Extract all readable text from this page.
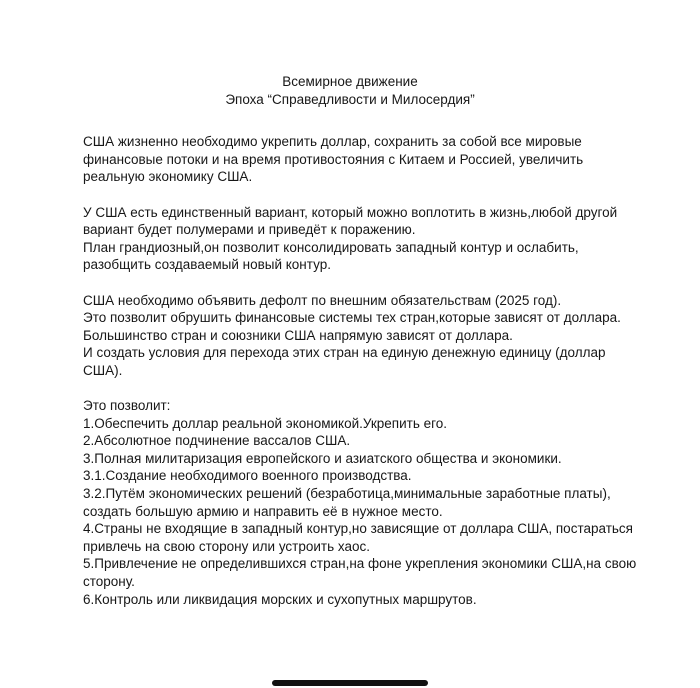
Всемирное движение
Эпоха “Справедливости и Милосердия”
США жизненно необходимо укрепить доллар, сохранить за собой все мировые
финансовые потоки и на время противостояния с Китаем и Россией, увеличить
реальную экономику США.
У США есть единственный вариант, который можно воплотить в жизнь,любой другой
вариант будет полумерами и приведёт к поражению.
План грандиозный,он позволит консолидировать западный контур и ослабить,
разобщить создаваемый новый контур.
США необходимо объявить дефолт по внешним обязательствам (2025 год).
Это позволит обрушить финансовые системы тех стран,которые зависят от доллара.
Большинство стран и союзники США напрямую зависят от доллара.
И создать условия для перехода этих стран на единую денежную единицу (доллар
США).
Это позволит:
1.Обеспечить доллар реальной экономикой.Укрепить его.
2.Абсолютное подчинение вассалов США.
3.Полная милитаризация европейского и азиатского общества и экономики.
3.1.Создание необходимого военного производства.
3.2.Путём экономических решений (безработица,минимальные заработные платы),
создать большую армию и направить её в нужное место.
4.Страны не входящие в западный контур,но зависящие от доллара США, постараться
привлечь на свою сторону или устроить хаос.
5.Привлечение не определившихся стран,на фоне укрепления экономики США,на свою
сторону.
6.Контроль или ликвидация морских и сухопутных маршрутов.
